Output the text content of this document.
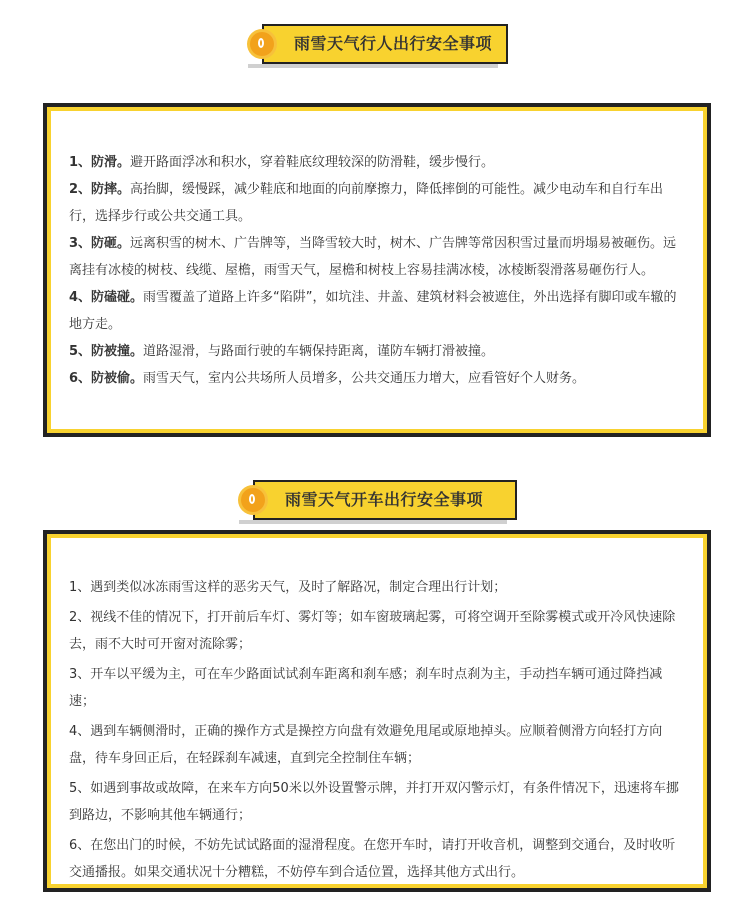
雨雪天气行人出行安全事项
1、防滑。避开路面浮冰和积水，穿着鞋底纹理较深的防滑鞋，缓步慢行。
2、防摔。高抬脚，缓慢踩，减少鞋底和地面的向前摩擦力，降低摔倒的可能性。减少电动车和自行车出行，选择步行或公共交通工具。
3、防砸。远离积雪的树木、广告牌等，当降雪较大时，树木、广告牌等常因积雪过量而坍塌易被砸伤。远离挂有冰棱的树枝、线缆、屋檐，雨雪天气，屋檐和树枝上容易挂满冰棱，冰棱断裂滑落易砸伤行人。
4、防磕碰。雨雪覆盖了道路上许多“陷阱”，如坑洼、井盖、建筑材料会被遮住，外出选择有脚印或车辙的地方走。
5、防被撞。道路湿滑，与路面行驶的车辆保持距离，谨防车辆打滑被撞。
6、防被偷。雨雪天气，室内公共场所人员增多，公共交通压力增大，应看管好个人财务。
雨雪天气开车出行安全事项
1、遇到类似冰冻雨雪这样的恶劣天气，及时了解路况，制定合理出行计划；
2、视线不佳的情况下，打开前后车灯、雾灯等；如车窗玻璃起雾，可将空调开至除雾模式或开冷风快速除去，雨不大时可开窗对流除雾；
3、开车以平缓为主，可在车少路面试试刹车距离和刹车感；刹车时点刹为主，手动挡车辆可通过降挡减速；
4、遇到车辆侧滑时，正确的操作方式是操控方向盘有效避免甩尾或原地掉头。应顺着侧滑方向轻打方向盘，待车身回正后，在轻踩刹车减速，直到完全控制住车辆；
5、如遇到事故或故障，在来车方向50米以外设置警示牌，并打开双闪警示灯，有条件情况下，迅速将车挪到路边，不影响其他车辆通行；
6、在您出门的时候，不妨先试试路面的湿滑程度。在您开车时，请打开收音机，调整到交通台，及时收听交通播报。如果交通状况十分糟糕，不妨停车到合适位置，选择其他方式出行。
